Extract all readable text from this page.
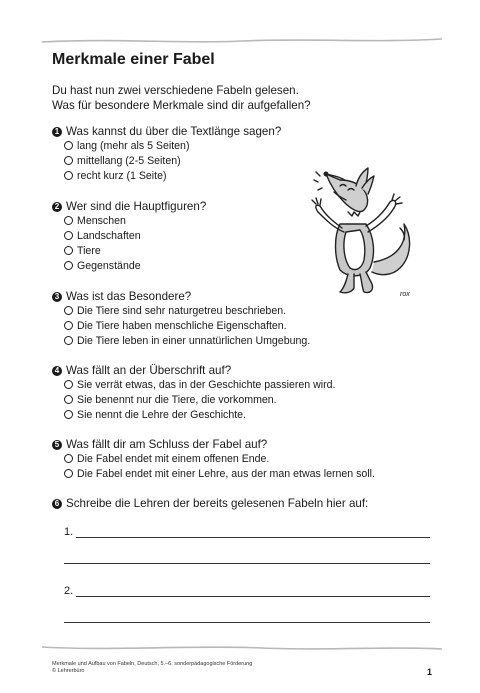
Merkmale einer Fabel
Du hast nun zwei verschiedene Fabeln gelesen.
Was für besondere Merkmale sind dir aufgefallen?
1 Was kannst du über die Textlänge sagen?
lang (mehr als 5 Seiten)
mittellang (2-5 Seiten)
recht kurz (1 Seite)
2 Wer sind die Hauptfiguren?
Menschen
Landschaften
Tiere
Gegenstände
3 Was ist das Besondere?
Die Tiere sind sehr naturgetreu beschrieben.
Die Tiere haben menschliche Eigenschaften.
Die Tiere leben in einer unnatürlichen Umgebung.
4 Was fällt an der Überschrift auf?
Sie verrät etwas, das in der Geschichte passieren wird.
Sie benennt nur die Tiere, die vorkommen.
Sie nennt die Lehre der Geschichte.
5 Was fällt dir am Schluss der Fabel auf?
Die Fabel endet mit einem offenen Ende.
Die Fabel endet mit einer Lehre, aus der man etwas lernen soll.
6 Schreibe die Lehren der bereits gelesenen Fabeln hier auf:
1.
2.
Merkmale und Aufbau von Fabeln, Deutsch, 5.–6. sonderpädagogische Förderung
© Lehrerbüro	1
rox
